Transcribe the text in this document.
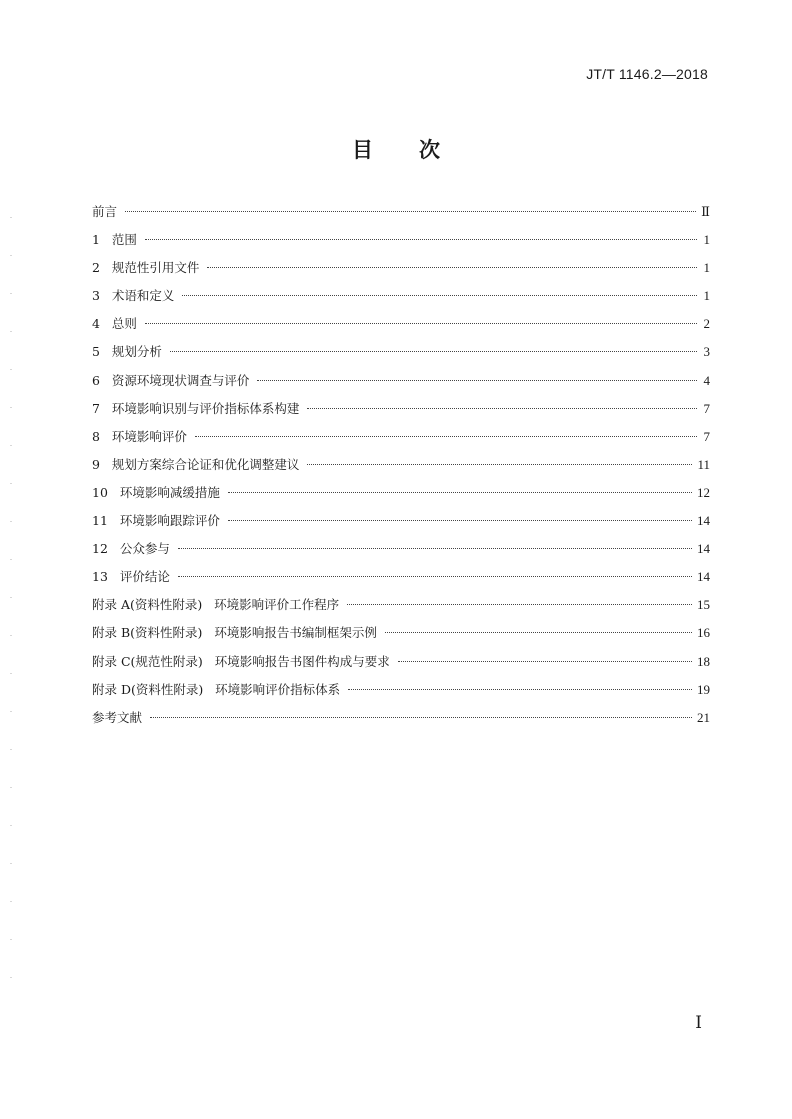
JT/T 1146.2—2018
目 次
前言	Ⅱ
1   范围	1
2   规范性引用文件	1
3   术语和定义	1
4   总则	2
5   规划分析	3
6   资源环境现状调查与评价	4
7   环境影响识别与评价指标体系构建	7
8   环境影响评价	7
9   规划方案综合论证和优化调整建议	11
10   环境影响减缓措施	12
11   环境影响跟踪评价	14
12   公众参与	14
13   评价结论	14
附录 A(资料性附录)   环境影响评价工作程序	15
附录 B(资料性附录)   环境影响报告书编制框架示例	16
附录 C(规范性附录)   环境影响报告书图件构成与要求	18
附录 D(资料性附录)   环境影响评价指标体系	19
参考文献	21
Ⅰ
